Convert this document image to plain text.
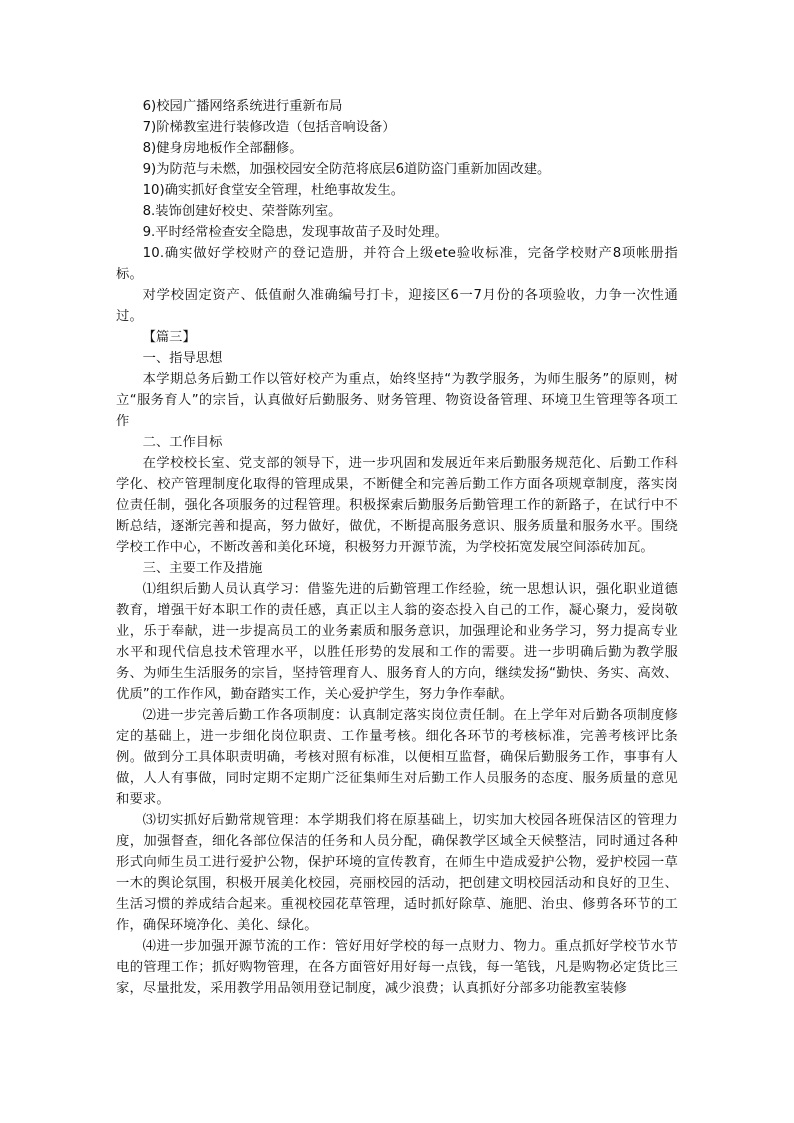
6)校园广播网络系统进行重新布局

7)阶梯教室进行装修改造（包括音响设备）

8)健身房地板作全部翻修。

9)为防范与未燃，加强校园安全防范将底层6道防盗门重新加固改建。

10)确实抓好食堂安全管理，杜绝事故发生。

8.装饰创建好校史、荣誉陈列室。

9.平时经常检查安全隐患，发现事故苗子及时处理。

10.确实做好学校财产的登记造册，并符合上级ete验收标准，完备学校财产8项帐册指标。

对学校固定资产、低值耐久准确编号打卡，迎接区6一7月份的各项验收，力争一次性通过。

【篇三】

一、指导思想

本学期总务后勤工作以管好校产为重点，始终坚持“为教学服务，为师生服务”的原则，树立“服务育人”的宗旨，认真做好后勤服务、财务管理、物资设备管理、环境卫生管理等各项工作

二、工作目标

在学校校长室、党支部的领导下，进一步巩固和发展近年来后勤服务规范化、后勤工作科学化、校产管理制度化取得的管理成果，不断健全和完善后勤工作方面各项规章制度，落实岗位责任制，强化各项服务的过程管理。积极探索后勤服务后勤管理工作的新路子，在试行中不断总结，逐渐完善和提高，努力做好，做优，不断提高服务意识、服务质量和服务水平。围绕学校工作中心，不断改善和美化环境，积极努力开源节流，为学校拓宽发展空间添砖加瓦。

三、主要工作及措施

⑴组织后勤人员认真学习：借鉴先进的后勤管理工作经验，统一思想认识，强化职业道德教育，增强干好本职工作的责任感，真正以主人翁的姿态投入自己的工作，凝心聚力，爱岗敬业，乐于奉献，进一步提高员工的业务素质和服务意识，加强理论和业务学习，努力提高专业水平和现代信息技术管理水平，以胜任形势的发展和工作的需要。进一步明确后勤为教学服务、为师生生活服务的宗旨，坚持管理育人、服务育人的方向，继续发扬“勤快、务实、高效、优质”的工作作风，勤奋踏实工作，关心爱护学生，努力争作奉献。

⑵进一步完善后勤工作各项制度：认真制定落实岗位责任制。在上学年对后勤各项制度修定的基础上，进一步细化岗位职责、工作量考核。细化各环节的考核标准，完善考核评比条例。做到分工具体职责明确，考核对照有标准，以便相互监督，确保后勤服务工作，事事有人做，人人有事做，同时定期不定期广泛征集师生对后勤工作人员服务的态度、服务质量的意见和要求。

⑶切实抓好后勤常规管理：本学期我们将在原基础上，切实加大校园各班保洁区的管理力度，加强督查，细化各部位保洁的任务和人员分配，确保教学区域全天候整洁，同时通过各种形式向师生员工进行爱护公物，保护环境的宣传教育，在师生中造成爱护公物，爱护校园一草一木的舆论氛围，积极开展美化校园，亮丽校园的活动，把创建文明校园活动和良好的卫生、生活习惯的养成结合起来。重视校园花草管理，适时抓好除草、施肥、治虫、修剪各环节的工作，确保环境净化、美化、绿化。

⑷进一步加强开源节流的工作：管好用好学校的每一点财力、物力。重点抓好学校节水节电的管理工作；抓好购物管理，在各方面管好用好每一点钱，每一笔钱，凡是购物必定货比三家，尽量批发，采用教学用品领用登记制度，减少浪费；认真抓好分部多功能教室装修
